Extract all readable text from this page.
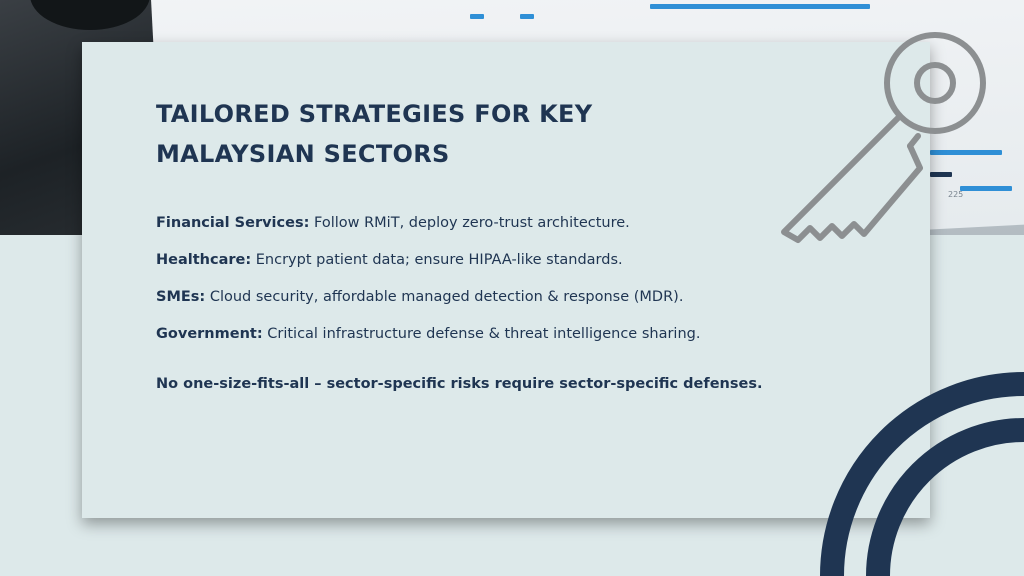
225
TAILORED STRATEGIES FOR KEY MALAYSIAN SECTORS
Financial Services: Follow RMiT, deploy zero-trust architecture.
Healthcare: Encrypt patient data; ensure HIPAA-like standards.
SMEs: Cloud security, affordable managed detection & response (MDR).
Government: Critical infrastructure defense & threat intelligence sharing.

No one-size-fits-all – sector-specific risks require sector-specific defenses.
